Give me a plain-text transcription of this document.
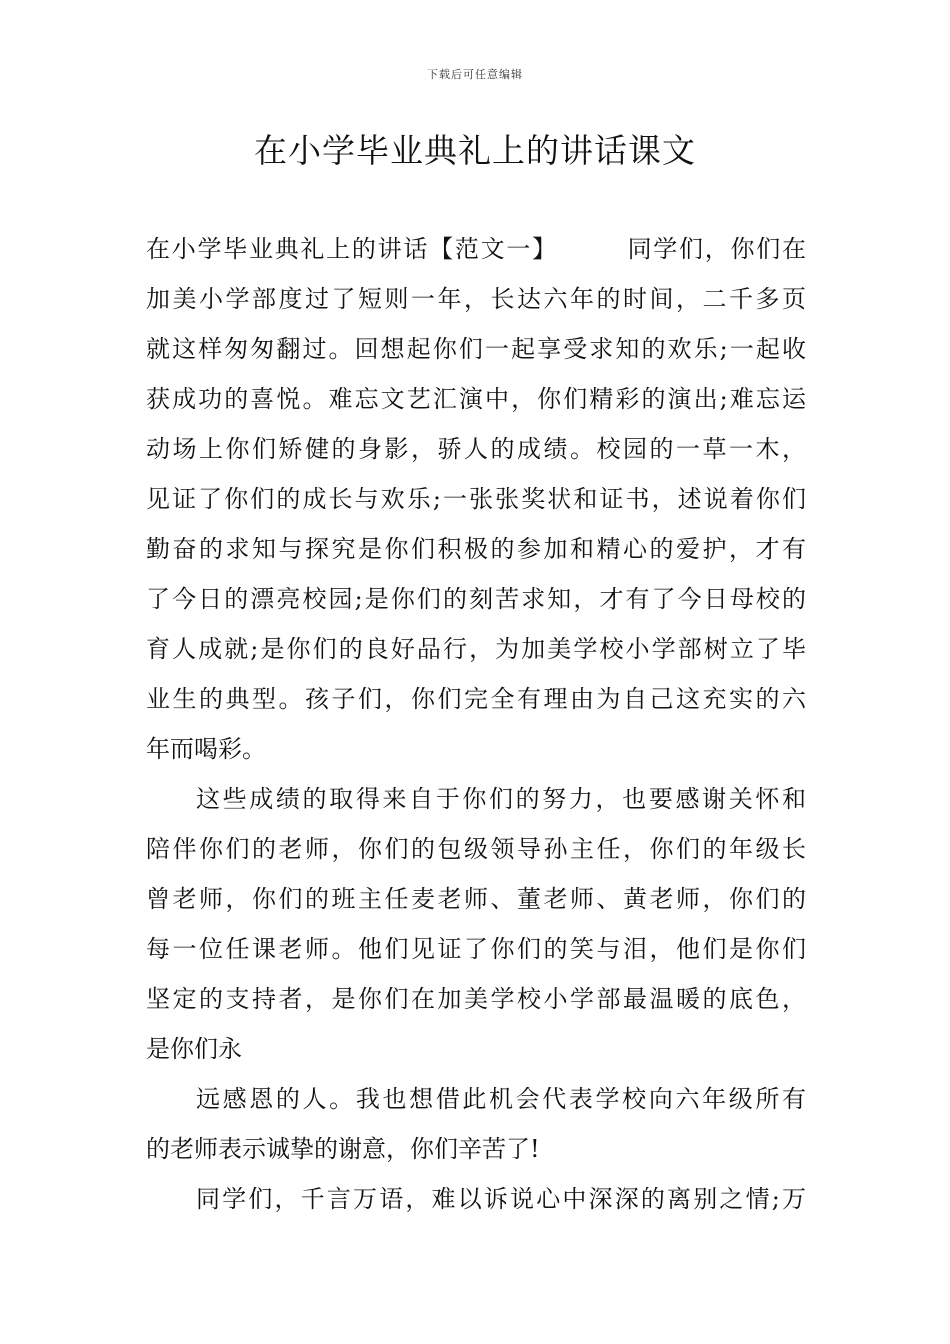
下载后可任意编辑
在小学毕业典礼上的讲话课文
在小学毕业典礼上的讲话【范文一】	同学们，你们在
加美小学部度过了短则一年，长达六年的时间，二千多页
就这样匆匆翻过。回想起你们一起享受求知的欢乐;一起收
获成功的喜悦。难忘文艺汇演中，你们精彩的演出;难忘运
动场上你们矫健的身影，骄人的成绩。校园的一草一木，
见证了你们的成长与欢乐;一张张奖状和证书，述说着你们
勤奋的求知与探究是你们积极的参加和精心的爱护，才有
了今日的漂亮校园;是你们的刻苦求知，才有了今日母校的
育人成就;是你们的良好品行，为加美学校小学部树立了毕
业生的典型。孩子们，你们完全有理由为自己这充实的六
年而喝彩。
这些成绩的取得来自于你们的努力，也要感谢关怀和
陪伴你们的老师，你们的包级领导孙主任，你们的年级长
曾老师，你们的班主任麦老师、董老师、黄老师，你们的
每一位任课老师。他们见证了你们的笑与泪，他们是你们
坚定的支持者，是你们在加美学校小学部最温暖的底色，
是你们永
远感恩的人。我也想借此机会代表学校向六年级所有
的老师表示诚挚的谢意，你们辛苦了!
同学们，千言万语，难以诉说心中深深的离别之情;万
